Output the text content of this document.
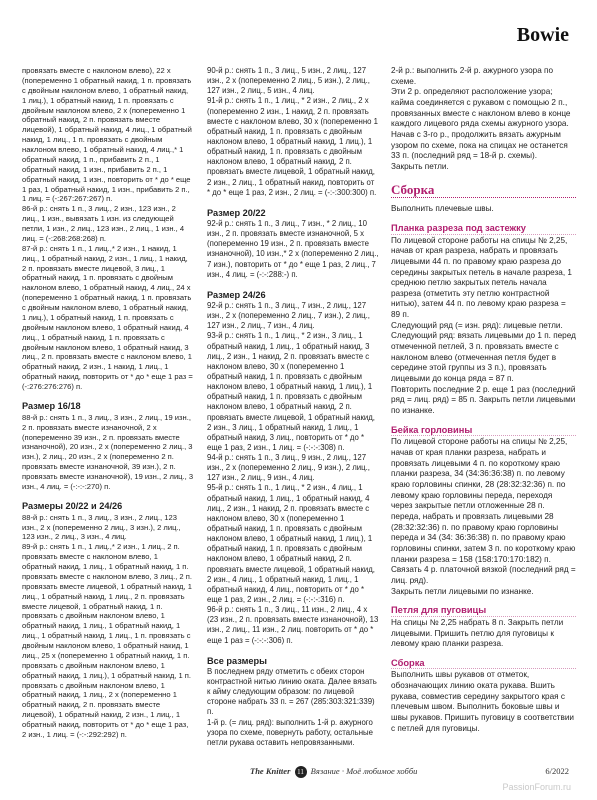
Bowie

провязать вместе с наклоном влево), 22 х (попеременно 1 обратный накид, 1 п. провязать с двойным наклоном влево, 1 обратный накид, 1 лиц.), 1 обратный накид, 1 п. провязать с двойным наклоном влево, 2 х (попеременно 1 обратный накид, 2 п. провязать вместе лицевой), 1 обратный накид, 4 лиц., 1 обратный накид, 1 лиц., 1 п. провязать с двойным наклоном влево, 1 обратный накид, 4 лиц.,* 1 обратный накид, 1 п., прибавить 2 п., 1 обратный накид, 1 изн., прибавить 2 п., 1 обратный накид, 1 изн., повторить от * до * еще 1 раз, 1 обратный накид, 1 изн., прибавить 2 п., 1 лиц. = (-:267:267:267) п.

86-й р.: снять 1 п., 3 лиц., 2 изн., 123 изн., 2 лиц., 1 изн., вывязать 1 изн. из следующей петли, 1 изн., 2 лиц., 123 изн., 2 лиц., 1 изн., 4 лиц. = (-:268:268:268) п.

87-й р.: снять 1 п., 1 лиц.,* 2 изн., 1 накид, 1 лиц., 1 обратный накид, 2 изн., 1 лиц., 1 накид, 2 п. провязать вместе лицевой, 3 лиц., 1 обратный накид, 1 п. провязать с двойным наклоном влево, 1 обратный накид, 4 лиц., 24 х (попеременно 1 обратный накид, 1 п. провязать с двойным наклоном влево, 1 обратный накид, 1 лиц.), 1 обратный накид, 1 п. провязать с двойным наклоном влево, 1 обратный накид, 4 лиц., 1 обратный накид, 1 п. провязать с двойным наклоном влево, 1 обратный накид, 3 лиц., 2 п. провязать вместе с наклоном влево, 1 обратный накид, 2 изн., 1 накид, 1 лиц., 1 обратный накид, повторить от * до * еще 1 раз = (-:276:276:276) п.

Размер 16/18

88-й р.: снять 1 п., 3 лиц., 3 изн., 2 лиц., 19 изн., 2 п. провязать вместе изнаночной, 2 х (попеременно 39 изн., 2 п. провязать вместе изнаночной), 20 изн., 2 х (попеременно 2 лиц., 3 изн.), 2 лиц., 20 изн., 2 х (попеременно 2 п. провязать вместе изнаночной, 39 изн.), 2 п. провязать вместе изнаночной), 19 изн., 2 лиц., 3 изн., 4 лиц. = (-:-:-:270) п.

Размеры 20/22 и 24/26

88-й р.: снять 1 п., 3 лиц., 3 изн., 2 лиц., 123 изн., 2 х (попеременно 2 лиц., 3 изн.), 2 лиц., 123 изн., 2 лиц., 3 изн., 4 лиц.

89-й р.: снять 1 п., 1 лиц.,* 2 изн., 1 лиц., 2 п. провязать вместе с наклоном влево, 1 обратный накид, 1 лиц., 1 обратный накид, 1 п. провязать вместе с наклоном влево, 3 лиц., 2 п. провязать вместе лицевой, 1 обратный накид, 1 лиц., 1 обратный накид, 1 лиц., 2 п. провязать вместе лицевой, 1 обратный накид, 1 п. провязать с двойным наклоном влево, 1 обратный накид, 1 лиц., 1 обратный накид, 1 лиц., 1 обратный накид, 1 лиц., 1 п. провязать с двойным наклоном влево, 1 обратный накид, 1 лиц., 25 х (попеременно 1 обратный накид, 1 п. провязать с двойным наклоном влево, 1 обратный накид, 1 лиц.), 1 обратный накид, 1 п. провязать с двойным наклоном влево, 1 обратный накид, 1 лиц., 2 х (попеременно 1 обратный накид, 2 п. провязать вместе лицевой), 1 обратный накид, 2 изн., 1 лиц., 1 обратный накид, повторить от * до * еще 1 раз, 2 изн., 1 лиц. = (-:-:292:292) п.

90-й р.: снять 1 п., 3 лиц., 5 изн., 2 лиц., 127 изн., 2 х (попеременно 2 лиц., 5 изн.), 2 лиц., 127 изн., 2 лиц., 5 изн., 4 лиц.

91-й р.: снять 1 п., 1 лиц., * 2 изн., 2 лиц., 2 х (попеременно 2 изн., 1 накид, 2 п. провязать вместе с наклоном влево, 30 х (попеременно 1 обратный накид, 1 п. провязать с двойным наклоном влево, 1 обратный накид, 1 лиц.), 1 обратный накид, 1 п. провязать с двойным наклоном влево, 1 обратный накид, 2 п. провязать вместе лицевой, 1 обратный накид, 2 изн., 2 лиц., 1 обратный накид, повторить от * до * еще 1 раз, 2 изн., 2 лиц. = (-:-:300:300) п.

Размер 20/22

92-й р.: снять 1 п., 3 лиц., 7 изн., * 2 лиц., 10 изн., 2 п. провязать вместе изнаночной, 5 х (попеременно 19 изн., 2 п. провязать вместе изнаночной), 10 изн.,* 2 х (попеременно 2 лиц., 7 изн.), повторить от * до * еще 1 раз, 2 лиц., 7 изн., 4 лиц. = (-:-:288:-) п.

Размер 24/26

92-й р.: снять 1 п., 3 лиц., 7 изн., 2 лиц., 127 изн., 2 х (попеременно 2 лиц., 7 изн.), 2 лиц., 127 изн., 2 лиц., 7 изн., 4 лиц.

93-й р.: снять 1 п., 1 лиц., * 2 изн., 3 лиц., 1 обратный накид, 1 лиц., 1 обратный накид, 3 лиц., 2 изн., 1 накид, 2 п. провязать вместе с наклоном влево, 30 х (попеременно 1 обратный накид, 1 п. провязать с двойным наклоном влево, 1 обратный накид, 1 лиц.), 1 обратный накид, 1 п. провязать с двойным наклоном влево, 1 обратный накид, 2 п. провязать вместе лицевой, 1 обратный накид, 2 изн., 3 лиц., 1 обратный накид, 1 лиц., 1 обратный накид, 3 лиц., повторить от * до * еще 1 раз, 2 изн., 1 лиц. = (-:-:-:308) п.

94-й р.: снять 1 п., 3 лиц., 9 изн., 2 лиц., 127 изн., 2 х (попеременно 2 лиц., 9 изн.), 2 лиц., 127 изн., 2 лиц., 9 изн., 4 лиц.

95-й р.: снять 1 п., 1 лиц., * 2 изн., 4 лиц., 1 обратный накид, 1 лиц., 1 обратный накид, 4 лиц., 2 изн., 1 накид, 2 п. провязать вместе с наклоном влево, 30 х (попеременно 1 обратный накид, 1 п. провязать с двойным наклоном влево, 1 обратный накид, 1 лиц.), 1 обратный накид, 1 п. провязать с двойным наклоном влево, 1 обратный накид, 2 п. провязать вместе лицевой, 1 обратный накид, 2 изн., 4 лиц., 1 обратный накид, 1 лиц., 1 обратный накид, 4 лиц., повторить от * до * еще 1 раз, 2 изн., 2 лиц. = (-:-:-:316) п.

96-й р.: снять 1 п., 3 лиц., 11 изн., 2 лиц., 4 х (23 изн., 2 п. провязать вместе изнаночной), 13 изн., 2 лиц., 11 изн., 2 лиц. повторить от * до * еще 1 раз = (-:-:-:306) п.

Все размеры

В последнем ряду отметить с обеих сторон контрастной нитью линию оката. Далее вязать к айму следующим образом: по лицевой стороне набрать 33 п. = 267 (285:303:321:339) п.

1-й р. (= лиц. ряд): выполнить 1-й р. ажурного узора по схеме, повернуть работу, остальные петли рукава оставить непровязанными.

2-й р.: выполнить 2-й р. ажурного узора по схеме.

Эти 2 р. определяют расположение узора; кайма соединяется с рукавом с помощью 2 п., провязанных вместе с наклоном влево в конце каждого лицевого ряда схемы ажурного узора.

Начав с 3-го р., продолжить вязать ажурным узором по схеме, пока на спицах не останется 33 п. (последний ряд = 18-й р. схемы).

Закрыть петли.

Сборка

Выполнить плечевые швы.

Планка разреза под застежку

По лицевой стороне работы на спицы № 2,25, начав от края разреза, набрать и провязать лицевыми 44 п. по правому краю разреза до середины закрытых петель в начале разреза, 1 среднюю петлю закрытых петель начала разреза (отметить эту петлю контрастной нитью), затем 44 п. по левому краю разреза = 89 п.

Следующий ряд (= изн. ряд): лицевые петли.

Следующий ряд: вязать лицевыми до 1 п. перед отмеченной петлей, 3 п. провязать вместе с наклоном влево (отмеченная петля будет в середине этой группы из 3 п.), провязать лицевыми до конца ряда = 87 п.

Повторить последние 2 р. еще 1 раз (последний ряд = лиц. ряд) = 85 п. Закрыть петли лицевыми по изнанке.

Бейка горловины

По лицевой стороне работы на спицы № 2,25, начав от края планки разреза, набрать и провязать лицевыми 4 п. по короткому краю планки разреза, 34 (34:36:36:38) п. по левому краю горловины спинки, 28 (28:32:32:36) п. по левому краю горловины переда, переходя через закрытые петли отложенные 28 п. переда, набрать и провязать лицевыми 28 (28:32:32:36) п. по правому краю горловины переда и 34 (34: 36:36:38) п. по правому краю горловины спинки, затем 3 п. по короткому краю планки разреза = 158 (158:170:170:182) п.

Связать 4 р. платочной вязкой (последний ряд = лиц. ряд).

Закрыть петли лицевыми по изнанке.

Петля для пуговицы

На спицы № 2,25 набрать 8 п. Закрыть петли лицевыми. Пришить петлю для пуговицы к левому краю планки разреза.

Сборка

Выполнить швы рукавов от отметок, обозначающих линию оката рукава. Вшить рукава, совместив середину закрытого края с плечевым швом. Выполнить боковые швы и швы рукавов. Пришить пуговицу в соответствии с петлей для пуговицы.

The Knitter 11 Вязание · Моё любимое хобби	6/2022
PassionForum.ru
